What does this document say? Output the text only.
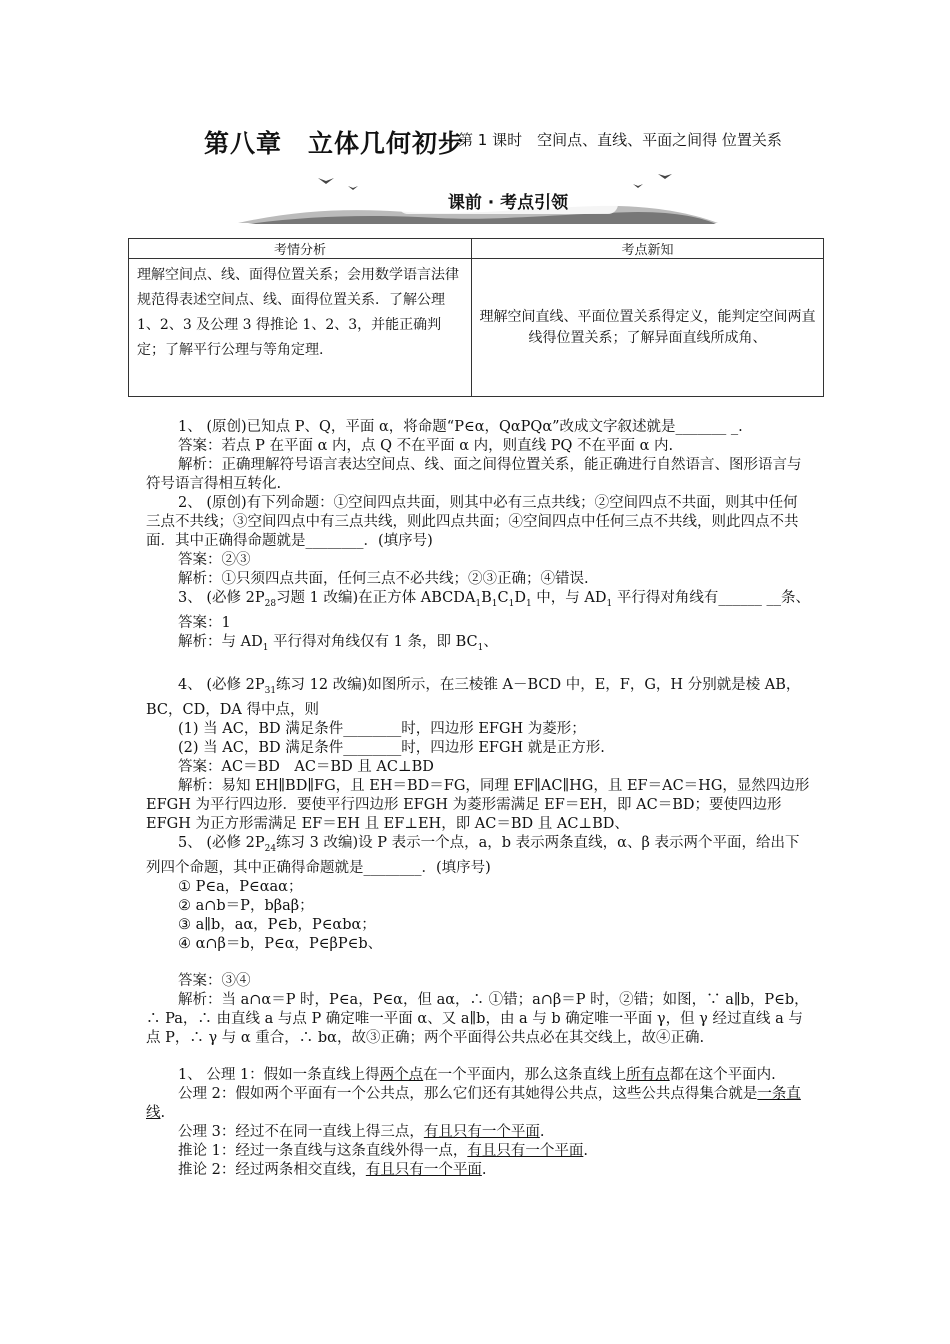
第八章　立体几何初步
第 1 课时　空间点、直线、平面之间得 位置关系
课前 · 考点引领
考情分析	考点新知
理解空间点、线、面得位置关系；会用数学语言法律规范得表述空间点、线、面得位置关系．了解公理 1、2、3 及公理 3 得推论 1、2、3，并能正确判定；了解平行公理与等角定理.	理解空间直线、平面位置关系得定义，能判定空间两直线得位置关系；了解异面直线所成角、

1、 (原创)已知点 P、Q，平面 α，将命题“P∈α，QαPQα”改成文字叙述就是_______ _.

答案：若点 P 在平面 α 内，点 Q 不在平面 α 内，则直线 PQ 不在平面 α 内.

解析：正确理解符号语言表达空间点、线、面之间得位置关系，能正确进行自然语言、图形语言与符号语言得相互转化.

2、 (原创)有下列命题：①空间四点共面，则其中必有三点共线；②空间四点不共面，则其中任何三点不共线；③空间四点中有三点共线，则此四点共面；④空间四点中任何三点不共线，则此四点不共面．其中正确得命题就是________．(填序号)

答案：②③

解析：①只须四点共面，任何三点不必共线；②③正确；④错误.

3、 (必修 $2P_{28}$习题 1 改编)在正方体 $ABCDA_1B_1C_1D_1$ 中，与 $AD_1$ 平行得对角线有______ __条、

答案：1

解析：与 $AD_1$ 平行得对角线仅有 1 条，即 $BC_1$、

4、 (必修 $2P_{31}$练习 12 改编)如图所示，在三棱锥 A－BCD 中，E，F，G，H 分别就是棱 AB，BC，CD，DA 得中点，则

(1) 当 AC，BD 满足条件________时，四边形 EFGH 为菱形；

(2) 当 AC，BD 满足条件________时，四边形 EFGH 就是正方形.

答案：AC＝BD　AC＝BD 且 AC⊥BD

解析：易知 EH∥BD∥FG，且 EH＝BD＝FG，同理 EF∥AC∥HG，且 EF＝AC＝HG，显然四边形 EFGH 为平行四边形．要使平行四边形 EFGH 为菱形需满足 EF＝EH，即 AC＝BD；要使四边形 EFGH 为正方形需满足 EF＝EH 且 EF⊥EH，即 AC＝BD 且 AC⊥BD、

5、 (必修 $2P_{24}$练习 3 改编)设 P 表示一个点，a，b 表示两条直线，α、β 表示两个平面，给出下列四个命题，其中正确得命题就是________．(填序号)

① P∈a，P∈αaα；

② a∩b＝P，bβaβ；

③ a∥b，aα，P∈b，P∈αbα；

④ α∩β＝b，P∈α，P∈βP∈b、

答案：③④

解析：当 a∩α＝P 时，P∈a，P∈α，但 aα，∴ ①错；a∩β＝P 时，②错；如图，∵ a∥b，P∈b，∴ Pa，∴ 由直线 a 与点 P 确定唯一平面 α、又 a∥b，由 a 与 b 确定唯一平面 γ，但 γ 经过直线 a 与点 P，∴ γ 与 α 重合，∴ bα，故③正确；两个平面得公共点必在其交线上，故④正确.

1、 公理 1：假如一条直线上得两个点在一个平面内，那么这条直线上所有点都在这个平面内.

公理 2：假如两个平面有一个公共点，那么它们还有其她得公共点，这些公共点得集合就是一条直线.

公理 3：经过不在同一直线上得三点，有且只有一个平面.

推论 1：经过一条直线与这条直线外得一点，有且只有一个平面.

推论 2：经过两条相交直线，有且只有一个平面.
